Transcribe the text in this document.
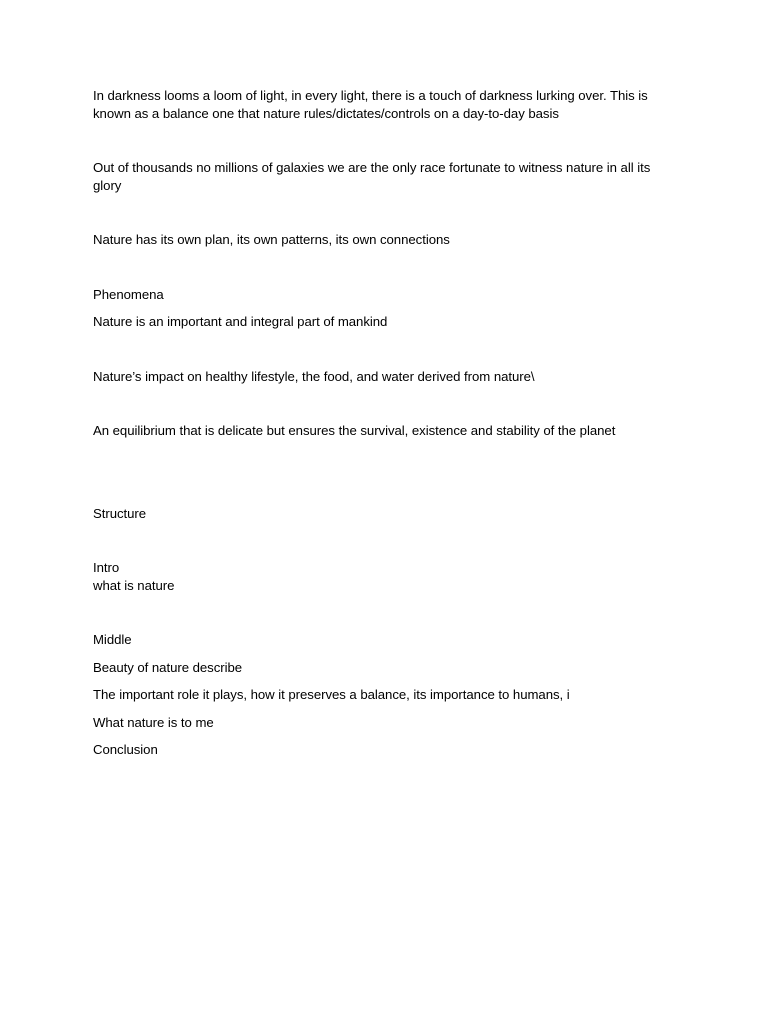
In darkness looms a loom of light, in every light, there is a touch of darkness lurking over. This is known as a balance one that nature rules/dictates/controls on a day-to-day basis

Out of thousands no millions of galaxies we are the only race fortunate to witness nature in all its glory

Nature has its own plan, its own patterns, its own connections

Phenomena

Nature is an important and integral part of mankind

Nature’s impact on healthy lifestyle, the food, and water derived from nature\

An equilibrium that is delicate but ensures the survival, existence and stability of the planet

Structure

Intro

what is nature

Middle

Beauty of nature describe

The important role it plays, how it preserves a balance, its importance to humans, i

What nature is to me

Conclusion
